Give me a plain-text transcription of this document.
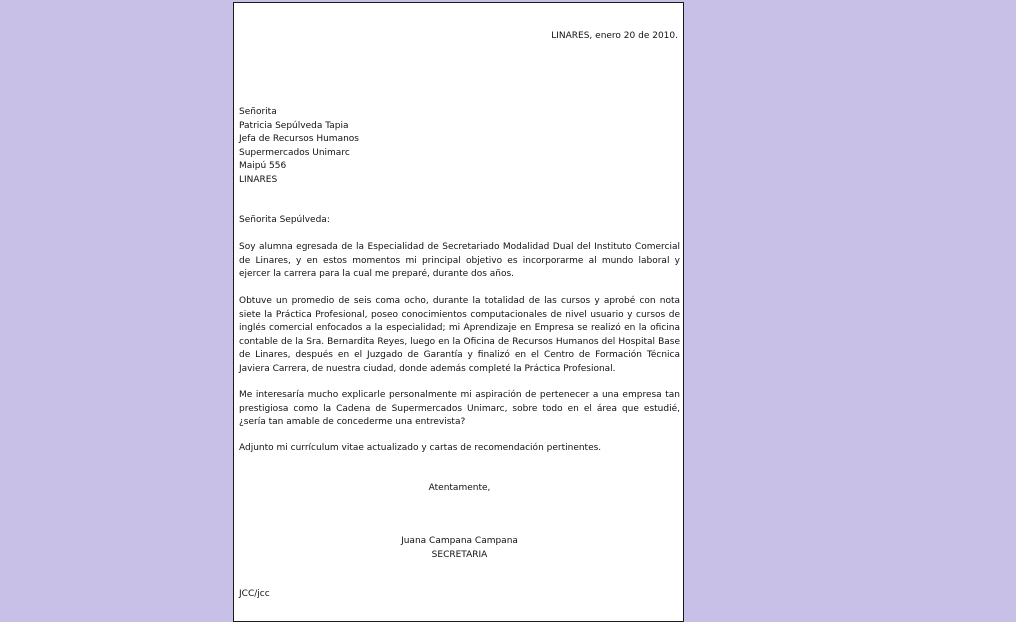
LINARES, enero 20 de 2010.
Señorita
Patricia Sepúlveda Tapia
Jefa de Recursos Humanos
Supermercados Unimarc
Maipú 556
LINARES
Señorita Sepúlveda:
Soy alumna egresada de la Especialidad de Secretariado Modalidad Dual del Instituto Comercial de Linares, y en estos momentos mi principal objetivo es incorporarme al mundo laboral y ejercer la carrera para la cual me preparé, durante dos años.
Obtuve un promedio de seis coma ocho, durante la totalidad de las cursos y aprobé con nota siete la Práctica Profesional, poseo conocimientos computacionales de nivel usuario y cursos de inglés comercial enfocados a la especialidad; mi Aprendizaje en Empresa se realizó en la oficina contable de la Sra. Bernardita Reyes, luego en la Oficina de Recursos Humanos del Hospital Base de Linares, después en el Juzgado de Garantía y finalizó en el Centro de Formación Técnica Javiera Carrera, de nuestra ciudad, donde además completé la Práctica Profesional.
Me interesaría mucho explicarle personalmente mi aspiración de pertenecer a una empresa tan prestigiosa como la Cadena de Supermercados Unimarc, sobre todo en el área que estudié, ¿sería tan amable de concederme una entrevista?
Adjunto mi currículum vitae actualizado y cartas de recomendación pertinentes.
Atentamente,
Juana Campana Campana
SECRETARIA
JCC/jcc
